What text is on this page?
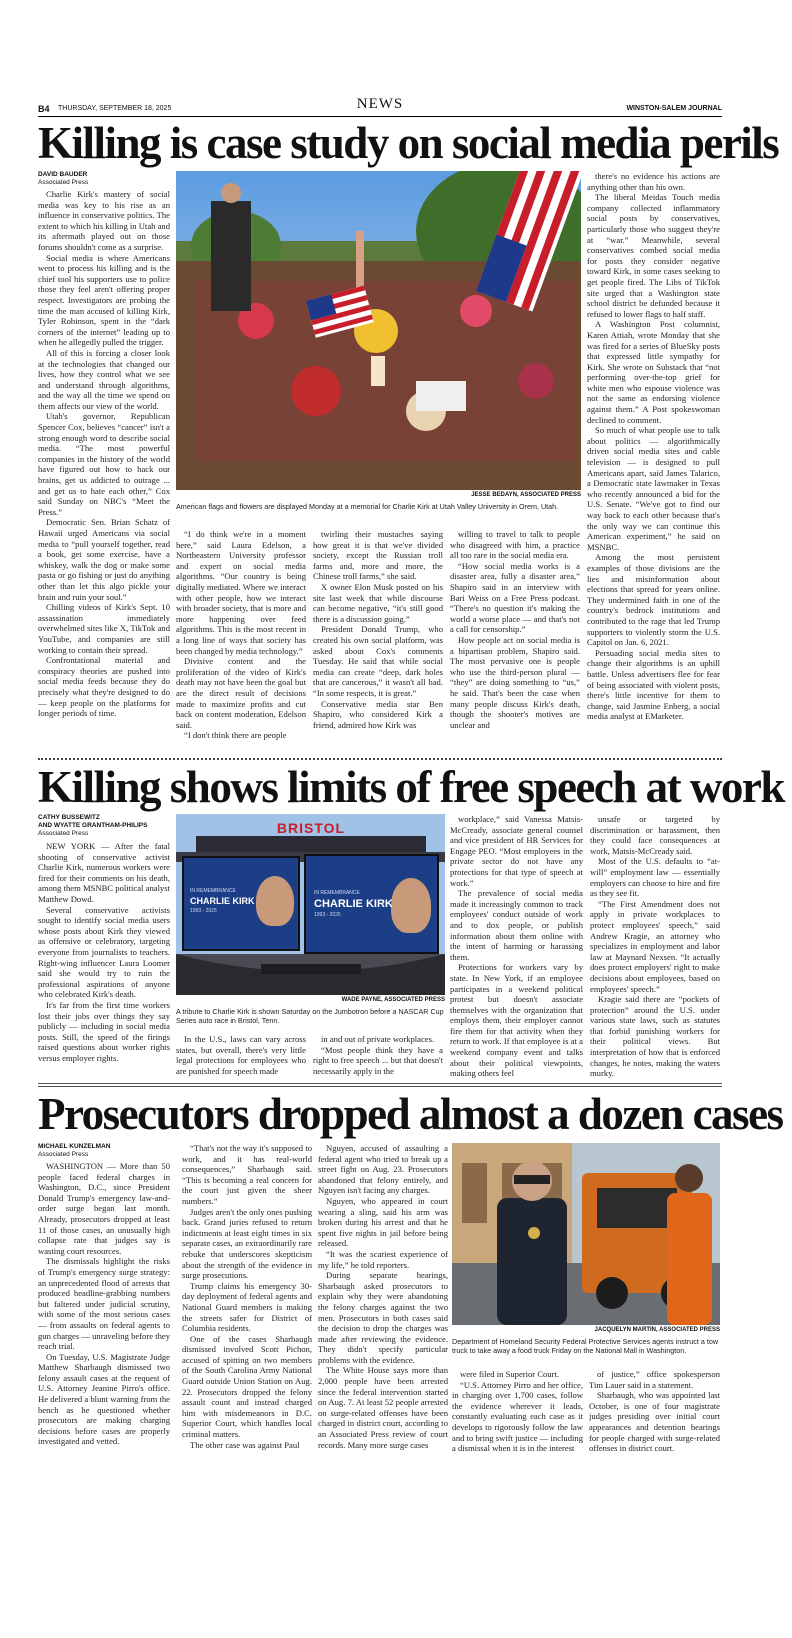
B4 THURSDAY, SEPTEMBER 18, 2025	NEWS	WINSTON-SALEM JOURNAL
Killing is case study on social media perils
DAVID BAUDER
Associated Press

Charlie Kirk's mastery of social media was key to his rise as an influence in conservative politics. The extent to which his killing in Utah and its aftermath played out on those forums shouldn't come as a surprise.

Social media is where Americans went to process his killing and is the chief tool his supporters use to police those they feel aren't offering proper respect. Investigators are probing the time the man accused of killing Kirk, Tyler Robinson, spent in the “dark corners of the internet” leading up to when he allegedly pulled the trigger.

All of this is forcing a closer look at the technologies that changed our lives, how they control what we see and understand through algorithms, and the way all the time we spend on them affects our view of the world.

Utah's governor, Republican Spencer Cox, believes “cancer” isn't a strong enough word to describe social media. “The most powerful companies in the history of the world have figured out how to hack our brains, get us addicted to outrage ... and get us to hate each other,” Cox said Sunday on NBC's “Meet the Press.”

Democratic Sen. Brian Schatz of Hawaii urged Americans via social media to “pull yourself together, read a book, get some exercise, have a whiskey, walk the dog or make some pasta or go fishing or just do anything other than let this algo pickle your brain and ruin your soul.”

Chilling videos of Kirk's Sept. 10 assassination immediately overwhelmed sites like X, TikTok and YouTube, and companies are still working to contain their spread.

Confrontational material and conspiracy theories are pushed into social media feeds because they do precisely what they're designed to do — keep people on the platforms for longer periods of time.

JESSE BEDAYN, ASSOCIATED PRESS
American flags and flowers are displayed Monday at a memorial for Charlie Kirk at Utah Valley University in Orem, Utah.

“I do think we're in a moment here,” said Laura Edelson, a Northeastern University professor and expert on social media algorithms. “Our country is being digitally mediated. Where we interact with other people, how we interact with broader society, that is more and more happening over feed algorithms. This is the most recent in a long line of ways that society has been changed by media technology.”

Divisive content and the proliferation of the video of Kirk's death may not have been the goal but are the direct result of decisions made to maximize profits and cut back on content moderation, Edelson said.

“I don't think there are people

twirling their mustaches saying how great it is that we've divided society, except the Russian troll farms and, more and more, the Chinese troll farms,” she said.

X owner Elon Musk posted on his site last week that while discourse can become negative, “it's still good there is a discussion going.”

President Donald Trump, who created his own social platform, was asked about Cox's comments Tuesday. He said that while social media can create “deep, dark holes that are cancerous,” it wasn't all bad. “In some respects, it is great.”

Conservative media star Ben Shapiro, who considered Kirk a friend, admired how Kirk was

willing to travel to talk to people who disagreed with him, a practice all too rare in the social media era.

“How social media works is a disaster area, fully a disaster area,” Shapiro said in an interview with Bari Weiss on a Free Press podcast. “There's no question it's making the world a worse place — and that's not a call for censorship.”

How people act on social media is a bipartisan problem, Shapiro said. The most pervasive one is people who use the third-person plural — “they” are doing something to “us,” he said. That's been the case when many people discuss Kirk's death, though the shooter's motives are unclear and

there's no evidence his actions are anything other than his own.

The liberal Meidas Touch media company collected inflammatory social posts by conservatives, particularly those who suggest they're at “war.” Meanwhile, several conservatives combed social media for posts they consider negative toward Kirk, in some cases seeking to get people fired. The Libs of TikTok site urged that a Washington state school district be defunded because it refused to lower flags to half staff.

A Washington Post columnist, Karen Attiah, wrote Monday that she was fired for a series of BlueSky posts that expressed little sympathy for Kirk. She wrote on Substack that “not performing over-the-top grief for white men who espouse violence was not the same as endorsing violence against them.” A Post spokeswoman declined to comment.

So much of what people use to talk about politics — algorithmically driven social media sites and cable television — is designed to pull Americans apart, said James Talarico, a Democratic state lawmaker in Texas who recently announced a bid for the U.S. Senate. “We've got to find our way back to each other because that's the only way we can continue this American experiment,” he said on MSNBC.

Among the most persistent examples of those divisions are the lies and misinformation about elections that spread for years online. They undermined faith in one of the country's bedrock institutions and contributed to the rage that led Trump supporters to violently storm the U.S. Capitol on Jan. 6, 2021.

Persuading social media sites to change their algorithms is an uphill battle. Unless advertisers flee for fear of being associated with violent posts, there's little incentive for them to change, said Jasmine Enberg, a social media analyst at EMarketer.

Killing shows limits of free speech at work
CATHY BUSSEWITZ
AND WYATTE GRANTHAM-PHILIPS
Associated Press

NEW YORK — After the fatal shooting of conservative activist Charlie Kirk, numerous workers were fired for their comments on his death, among them MSNBC political analyst Matthew Dowd.

Several conservative activists sought to identify social media users whose posts about Kirk they viewed as offensive or celebratory, targeting everyone from journalists to teachers. Right-wing influencer Laura Loomer said she would try to ruin the professional aspirations of anyone who celebrated Kirk's death.

It's far from the first time workers lost their jobs over things they say publicly — including in social media posts. Still, the speed of the firings raised questions about worker rights versus employer rights.

BRISTOL
IN REMEMBRANCE
CHARLIE KIRK
1993 - 2025
IN REMEMBRANCE
CHARLIE KIRK
1993 - 2025
WADE PAYNE, ASSOCIATED PRESS
A tribute to Charlie Kirk is shown Saturday on the Jumbotron before a NASCAR Cup Series auto race in Bristol, Tenn.

In the U.S., laws can vary across states, but overall, there's very little legal protections for employees who are punished for speech made

in and out of private workplaces.

“Most people think they have a right to free speech ... but that doesn't necessarily apply in the

workplace,” said Vanessa Matsis-McCready, associate general counsel and vice president of HR Services for Engage PEO. “Most employees in the private sector do not have any protections for that type of speech at work.”

The prevalence of social media made it increasingly common to track employees' conduct outside of work and to dox people, or publish information about them online with the intent of harming or harassing them.

Protections for workers vary by state. In New York, if an employee participates in a weekend political protest but doesn't associate themselves with the organization that employs them, their employer cannot fire them for that activity when they return to work. If that employee is at a weekend company event and talks about their political viewpoints, making others feel

unsafe or targeted by discrimination or harassment, then they could face consequences at work, Matsis-McCready said.

Most of the U.S. defaults to “at-will” employment law — essentially employers can choose to hire and fire as they see fit.

“The First Amendment does not apply in private workplaces to protect employees' speech,” said Andrew Kragie, an attorney who specializes in employment and labor law at Maynard Nexsen. “It actually does protect employers' right to make decisions about employees, based on employees' speech.”

Kragie said there are “pockets of protection” around the U.S. under various state laws, such as statutes that forbid punishing workers for their political views. But interpretation of how that is enforced changes, he notes, making the waters murky.

Prosecutors dropped almost a dozen cases
MICHAEL KUNZELMAN
Associated Press

WASHINGTON — More than 50 people faced federal charges in Washington, D.C., since President Donald Trump's emergency law-and-order surge began last month. Already, prosecutors dropped at least 11 of those cases, an unusually high collapse rate that judges say is wasting court resources.

The dismissals highlight the risks of Trump's emergency surge strategy: an unprecedented flood of arrests that produced headline-grabbing numbers but faltered under judicial scrutiny, with some of the most serious cases — from assaults on federal agents to gun charges — unraveling before they reach trial.

On Tuesday, U.S. Magistrate Judge Matthew Sharbaugh dismissed two felony assault cases at the request of U.S. Attorney Jeanine Pirro's office. He delivered a blunt warning from the bench as he questioned whether prosecutors are making charging decisions before cases are properly investigated and vetted.

“That's not the way it's supposed to work, and it has real-world consequences,” Sharbaugh said. “This is becoming a real concern for the court just given the sheer numbers.”

Judges aren't the only ones pushing back. Grand juries refused to return indictments at least eight times in six separate cases, an extraordinarily rare rebuke that underscores skepticism about the strength of the evidence in surge prosecutions.

Trump claims his emergency 30-day deployment of federal agents and National Guard members is making the streets safer for District of Columbia residents.

One of the cases Sharbaugh dismissed involved Scott Pichon, accused of spitting on two members of the South Carolina Army National Guard outside Union Station on Aug. 22. Prosecutors dropped the felony assault count and instead charged him with misdemeanors in D.C. Superior Court, which handles local criminal matters.

The other case was against Paul

Nguyen, accused of assaulting a federal agent who tried to break up a street fight on Aug. 23. Prosecutors abandoned that felony entirely, and Nguyen isn't facing any charges.

Nguyen, who appeared in court wearing a sling, said his arm was broken during his arrest and that he spent five nights in jail before being released.

“It was the scariest experience of my life,” he told reporters.

During separate hearings, Sharbaugh asked prosecutors to explain why they were abandoning the felony charges against the two men. Prosecutors in both cases said the decision to drop the charges was made after reviewing the evidence. They didn't specify particular problems with the evidence.

The White House says more than 2,000 people have been arrested since the federal intervention started on Aug. 7. At least 52 people arrested on surge-related offenses have been charged in district court, according to an Associated Press review of court records. Many more surge cases

JACQUELYN MARTIN, ASSOCIATED PRESS
Department of Homeland Security Federal Protective Services agents instruct a tow truck to take away a food truck Friday on the National Mall in Washington.

were filed in Superior Court.

“U.S. Attorney Pirro and her office, in charging over 1,700 cases, follow the evidence wherever it leads, constantly evaluating each case as it develops to rigorously follow the law and to bring swift justice — including a dismissal when it is in the interest

of justice,” office spokesperson Tim Lauer said in a statement.

Sharbaugh, who was appointed last October, is one of four magistrate judges presiding over initial court appearances and detention hearings for people charged with surge-related offenses in district court.
